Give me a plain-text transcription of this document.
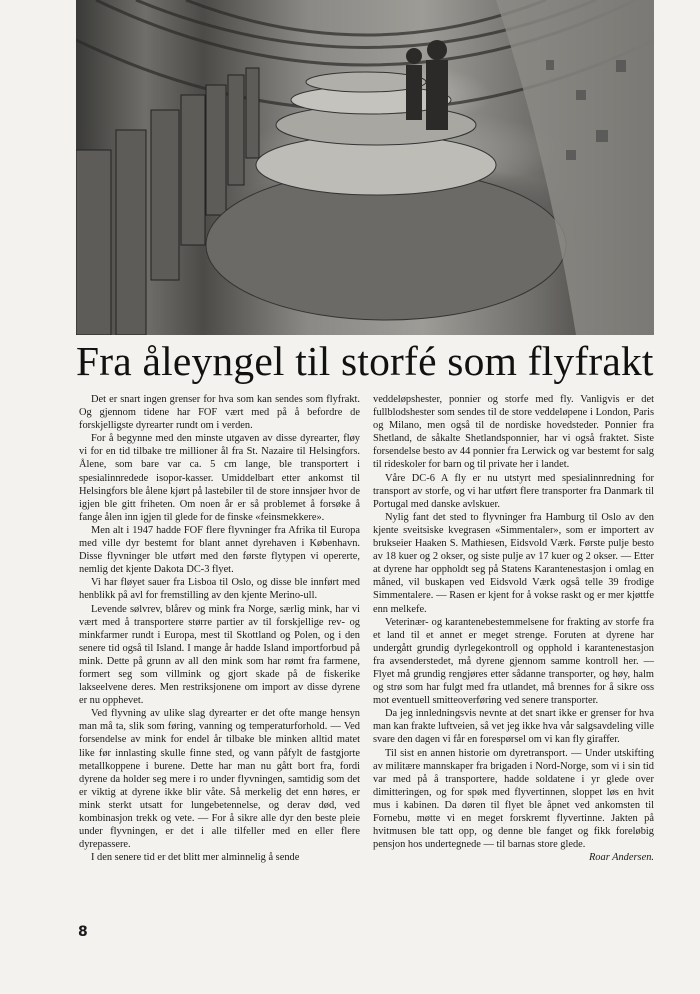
Fra åleyngel til storfé som flyfrakt

Det er snart ingen grenser for hva som kan sendes som flyfrakt. Og gjennom tidene har FOF vært med på å befordre de forskjelligste dyrearter rundt om i verden.

For å begynne med den minste utgaven av disse dyrearter, fløy vi for en tid tilbake tre millioner ål fra St. Nazaire til Helsingfors. Ålene, som bare var ca. 5 cm lange, ble transportert i spesialinnredede isopor-kasser. Umiddelbart etter ankomst til Helsingfors ble ålene kjørt på lastebiler til de store innsjøer hvor de igjen ble gitt friheten. Om noen år er så problemet å forsøke å fange ålen inn igjen til glede for de finske «feinsmekkere».

Men alt i 1947 hadde FOF flere flyvninger fra Afrika til Europa med ville dyr bestemt for blant annet dyrehaven i København. Disse flyvninger ble utført med den første flytypen vi opererte, nemlig det kjente Dakota DC-3 flyet.

Vi har fløyet sauer fra Lisboa til Oslo, og disse ble innført med henblikk på avl for fremstilling av den kjente Merino-ull.

Levende sølvrev, blårev og mink fra Norge, særlig mink, har vi vært med å transportere større partier av til forskjellige rev- og minkfarmer rundt i Europa, mest til Skottland og Polen, og i den senere tid også til Island. I mange år hadde Island importforbud på mink. Dette på grunn av all den mink som har rømt fra farmene, formert seg som villmink og gjort skade på de fiskerike lakseelvene deres. Men restriksjonene om import av disse dyrene er nu opphevet.

Ved flyvning av ulike slag dyrearter er det ofte mange hensyn man må ta, slik som føring, vanning og temperaturforhold. — Ved forsendelse av mink for endel år tilbake ble minken alltid matet like før innlasting skulle finne sted, og vann påfylt de fastgjorte metallkoppene i burene. Dette har man nu gått bort fra, fordi dyrene da holder seg mere i ro under flyvningen, samtidig som det er viktig at dyrene ikke blir våte. Så merkelig det enn høres, er mink sterkt utsatt for lungebetennelse, og derav død, ved kombinasjon trekk og vete. — For å sikre alle dyr den beste pleie under flyvningen, er det i alle tilfeller med en eller flere dyrepassere.

I den senere tid er det blitt mer alminnelig å sende

veddeløpshester, ponnier og storfe med fly. Vanligvis er det fullblodshester som sendes til de store veddeløpene i London, Paris og Milano, men også til de nordiske hovedsteder. Ponnier fra Shetland, de såkalte Shetlandsponnier, har vi også fraktet. Siste forsendelse besto av 44 ponnier fra Lerwick og var bestemt for salg til rideskoler for barn og til private her i landet.

Våre DC-6 A fly er nu utstyrt med spesialinnredning for transport av storfe, og vi har utført flere transporter fra Danmark til Portugal med danske avlskuer.

Nylig fant det sted to flyvninger fra Hamburg til Oslo av den kjente sveitsiske kvegrasen «Simmentaler», som er importert av brukseier Haaken S. Mathiesen, Eidsvold Værk. Første pulje besto av 18 kuer og 2 okser, og siste pulje av 17 kuer og 2 okser. — Etter at dyrene har oppholdt seg på Statens Karantenestasjon i omlag en måned, vil buskapen ved Eidsvold Værk også telle 39 frodige Simmentalere. — Rasen er kjent for å vokse raskt og er mer kjøttfe enn melkefe.

Veterinær- og karantenebestemmelsene for frakting av storfe fra et land til et annet er meget strenge. Foruten at dyrene har undergått grundig dyrlegekontroll og opphold i karantenestasjon fra avsenderstedet, må dyrene gjennom samme kontroll her. — Flyet må grundig rengjøres etter sådanne transporter, og høy, halm og strø som har fulgt med fra utlandet, må brennes for å sikre oss mot eventuell smitteoverføring ved senere transporter.

Da jeg innledningsvis nevnte at det snart ikke er grenser for hva man kan frakte luftveien, så vet jeg ikke hva vår salgsavdeling ville svare den dagen vi får en forespørsel om vi kan fly giraffer.

Til sist en annen historie om dyretransport. — Under utskifting av militære mannskaper fra brigaden i Nord-Norge, som vi i sin tid var med på å transportere, hadde soldatene i yr glede over dimitteringen, og for spøk med flyvertinnen, sloppet løs en hvit mus i kabinen. Da døren til flyet ble åpnet ved ankomsten til Fornebu, møtte vi en meget forskremt flyvertinne. Jakten på hvitmusen ble tatt opp, og denne ble fanget og fikk foreløbig pensjon hos undertegnede — til barnas store glede.

Roar Andersen.

8
